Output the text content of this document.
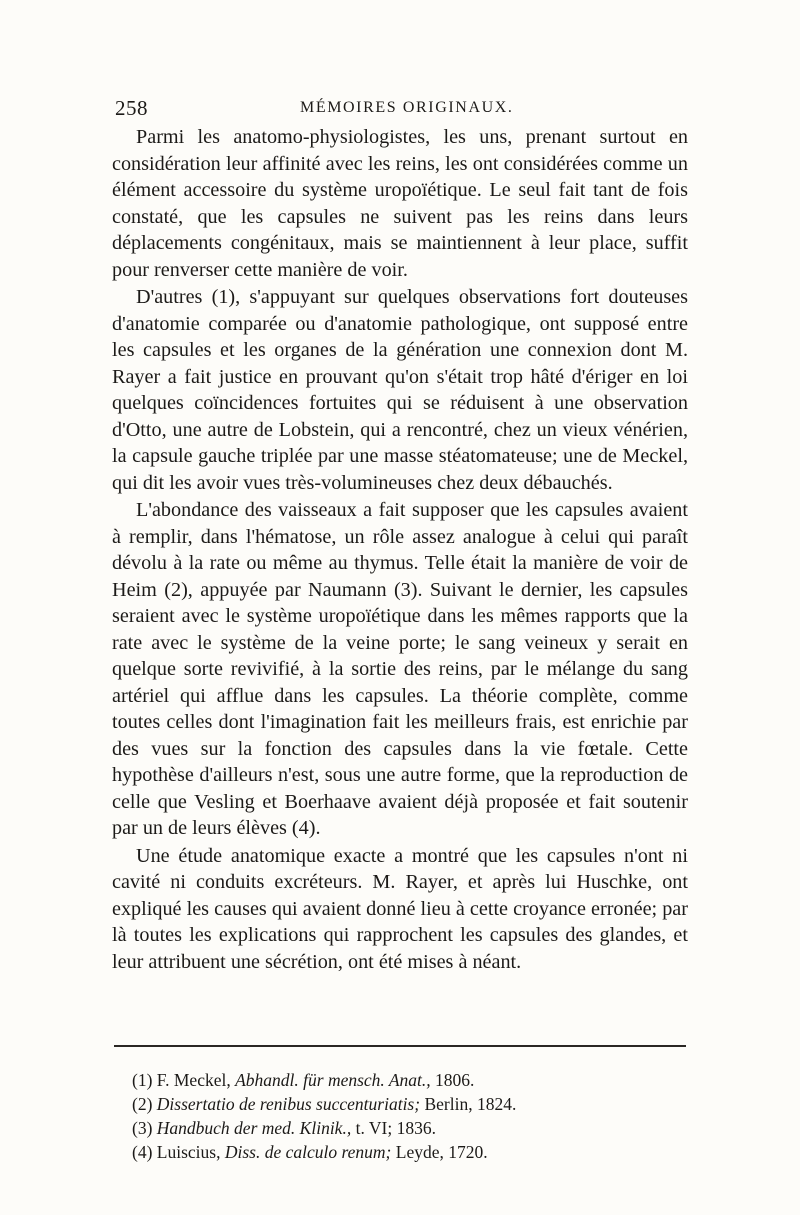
258	MÉMOIRES ORIGINAUX.

Parmi les anatomo-physiologistes, les uns, prenant surtout en considération leur affinité avec les reins, les ont considérées comme un élément accessoire du système uropoïétique. Le seul fait tant de fois constaté, que les capsules ne suivent pas les reins dans leurs déplacements congénitaux, mais se maintiennent à leur place, suffit pour renverser cette manière de voir.

D'autres (1), s'appuyant sur quelques observations fort douteuses d'anatomie comparée ou d'anatomie pathologique, ont supposé entre les capsules et les organes de la génération une connexion dont M. Rayer a fait justice en prouvant qu'on s'était trop hâté d'ériger en loi quelques coïncidences fortuites qui se réduisent à une observation d'Otto, une autre de Lobstein, qui a rencontré, chez un vieux vénérien, la capsule gauche triplée par une masse stéatomateuse; une de Meckel, qui dit les avoir vues très-volumineuses chez deux débauchés.

L'abondance des vaisseaux a fait supposer que les capsules avaient à remplir, dans l'hématose, un rôle assez analogue à celui qui paraît dévolu à la rate ou même au thymus. Telle était la manière de voir de Heim (2), appuyée par Naumann (3). Suivant le dernier, les capsules seraient avec le système uropoïétique dans les mêmes rapports que la rate avec le système de la veine porte; le sang veineux y serait en quelque sorte revivifié, à la sortie des reins, par le mélange du sang artériel qui afflue dans les capsules. La théorie complète, comme toutes celles dont l'imagination fait les meilleurs frais, est enrichie par des vues sur la fonction des capsules dans la vie fœtale. Cette hypothèse d'ailleurs n'est, sous une autre forme, que la reproduction de celle que Vesling et Boerhaave avaient déjà proposée et fait soutenir par un de leurs élèves (4).

Une étude anatomique exacte a montré que les capsules n'ont ni cavité ni conduits excréteurs. M. Rayer, et après lui Huschke, ont expliqué les causes qui avaient donné lieu à cette croyance erronée; par là toutes les explications qui rapprochent les capsules des glandes, et leur attribuent une sécrétion, ont été mises à néant.

(1) F. Meckel, Abhandl. für mensch. Anat., 1806.
(2) Dissertatio de renibus succenturiatis; Berlin, 1824.
(3) Handbuch der med. Klinik., t. VI; 1836.
(4) Luiscius, Diss. de calculo renum; Leyde, 1720.
